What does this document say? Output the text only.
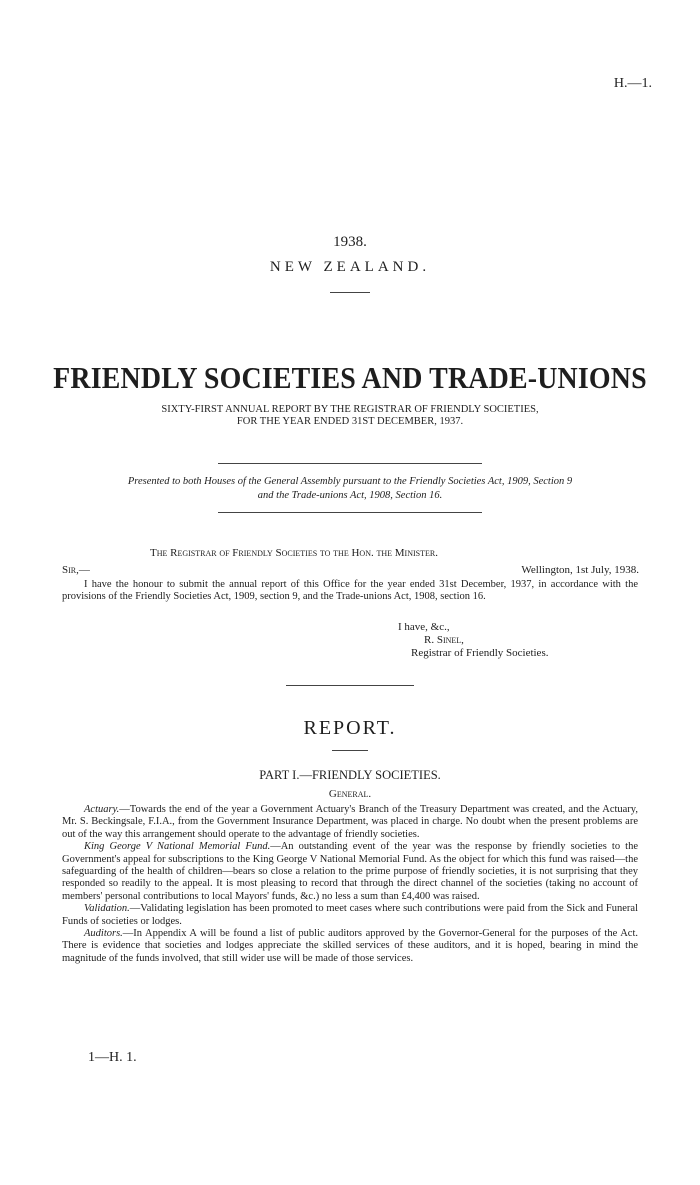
H.—1.
1938.
NEW ZEALAND.
FRIENDLY SOCIETIES AND TRADE-UNIONS
SIXTY-FIRST ANNUAL REPORT BY THE REGISTRAR OF FRIENDLY SOCIETIES,
FOR THE YEAR ENDED 31ST DECEMBER, 1937.
Presented to both Houses of the General Assembly pursuant to the Friendly Societies Act, 1909, Section 9
and the Trade-unions Act, 1908, Section 16.
The Registrar of Friendly Societies to the Hon. the Minister.
Sir,—	Wellington, 1st July, 1938.

I have the honour to submit the annual report of this Office for the year ended 31st December, 1937, in accordance with the provisions of the Friendly Societies Act, 1909, section 9, and the Trade-unions Act, 1908, section 16.

I have, &c.,
R. Sinel,
Registrar of Friendly Societies.
REPORT.
PART I.—FRIENDLY SOCIETIES.
General.

Actuary.—Towards the end of the year a Government Actuary's Branch of the Treasury Department was created, and the Actuary, Mr. S. Beckingsale, F.I.A., from the Government Insurance Department, was placed in charge. No doubt when the present problems are out of the way this arrangement should operate to the advantage of friendly societies.

King George V National Memorial Fund.—An outstanding event of the year was the response by friendly societies to the Government's appeal for subscriptions to the King George V National Memorial Fund. As the object for which this fund was raised—the safeguarding of the health of children—bears so close a relation to the prime purpose of friendly societies, it is not surprising that they responded so readily to the appeal. It is most pleasing to record that through the direct channel of the societies (taking no account of members' personal contributions to local Mayors' funds, &c.) no less a sum than £4,400 was raised.

Validation.—Validating legislation has been promoted to meet cases where such contributions were paid from the Sick and Funeral Funds of societies or lodges.

Auditors.—In Appendix A will be found a list of public auditors approved by the Governor-General for the purposes of the Act. There is evidence that societies and lodges appreciate the skilled services of these auditors, and it is hoped, bearing in mind the magnitude of the funds involved, that still wider use will be made of those services.

1—H. 1.
